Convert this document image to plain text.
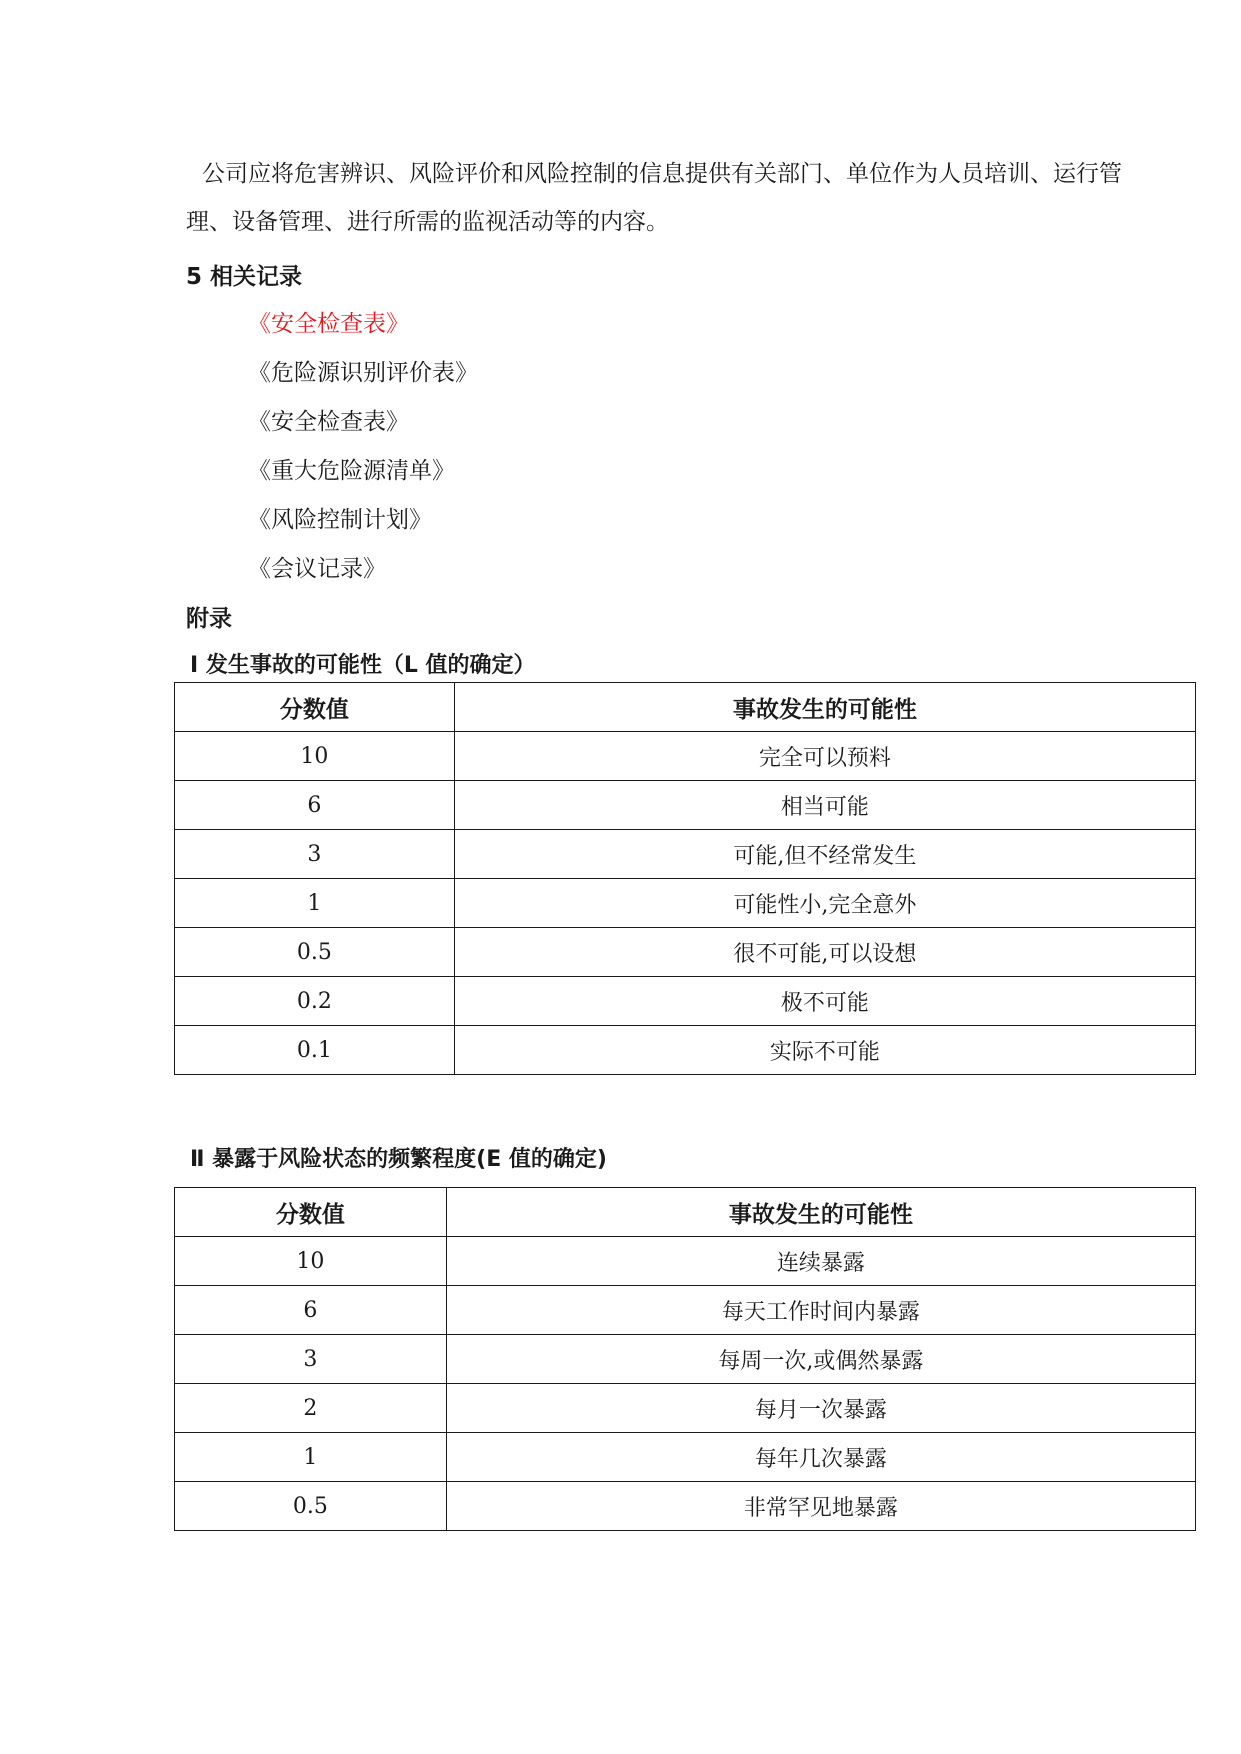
公司应将危害辨识、风险评价和风险控制的信息提供有关部门、单位作为人员培训、运行管理、设备管理、进行所需的监视活动等的内容。
5 相关记录
《安全检查表》
《危险源识别评价表》
《安全检查表》
《重大危险源清单》
《风险控制计划》
《会议记录》
附录
Ⅰ 发生事故的可能性（L 值的确定）
分数值	事故发生的可能性
10	完全可以预料
6	相当可能
3	可能,但不经常发生
1	可能性小,完全意外
0.5	很不可能,可以设想
0.2	极不可能
0.1	实际不可能
Ⅱ 暴露于风险状态的频繁程度(E 值的确定)
分数值	事故发生的可能性
10	连续暴露
6	每天工作时间内暴露
3	每周一次,或偶然暴露
2	每月一次暴露
1	每年几次暴露
0.5	非常罕见地暴露
